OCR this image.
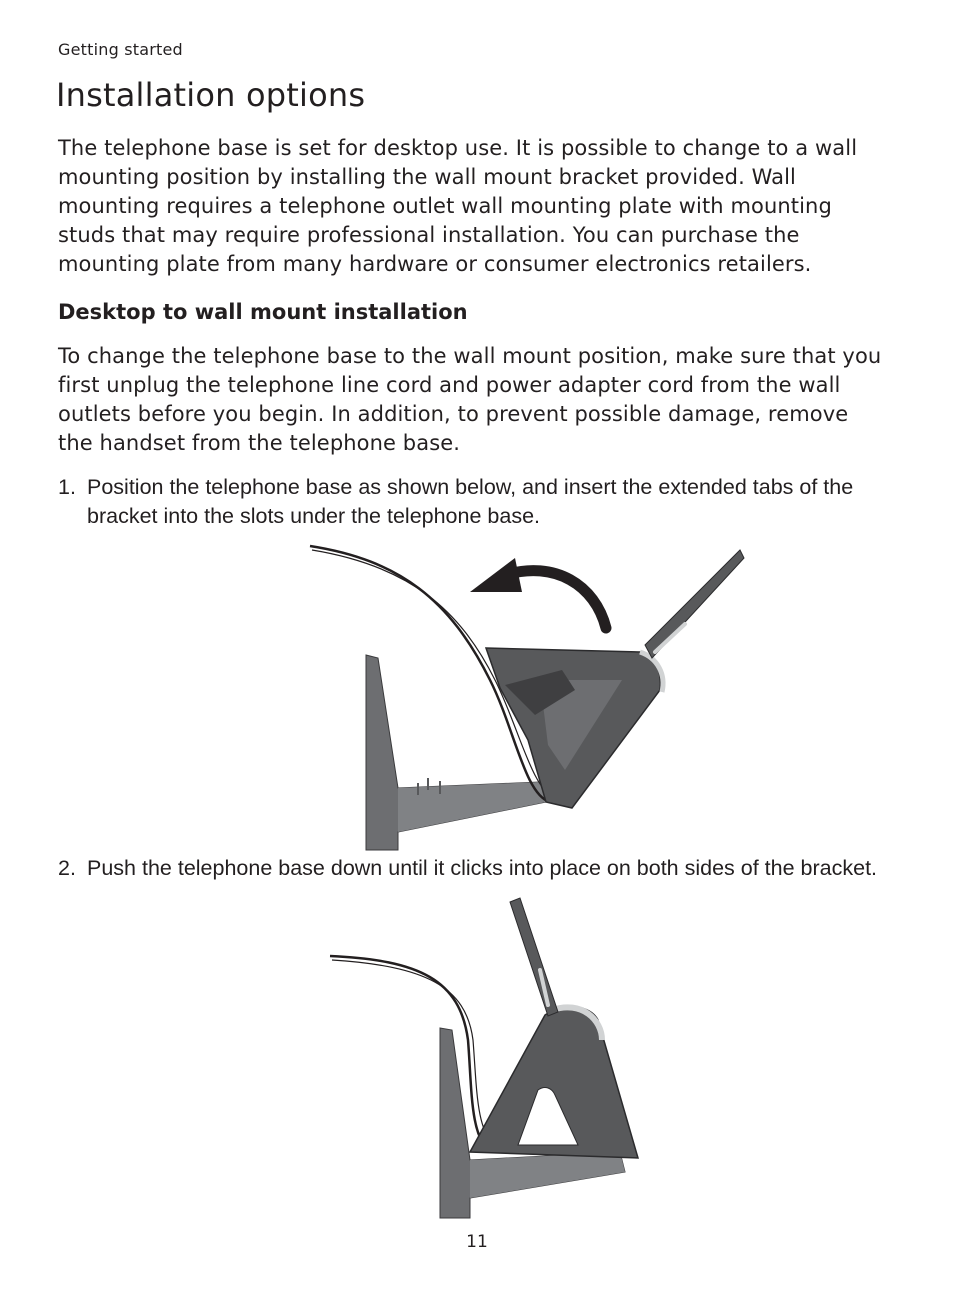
Getting started
Installation options

The telephone base is set for desktop use. It is possible to change to a wall mounting position by installing the wall mount bracket provided. Wall mounting requires a telephone outlet wall mounting plate with mounting studs that may require professional installation. You can purchase the mounting plate from many hardware or consumer electronics retailers.

Desktop to wall mount installation

To change the telephone base to the wall mount position, make sure that you first unplug the telephone line cord and power adapter cord from the wall outlets before you begin. In addition, to prevent possible damage, remove the handset from the telephone base.

1. Position the telephone base as shown below, and insert the extended tabs of the bracket into the slots under the telephone base.
2. Push the telephone base down until it clicks into place on both sides of the bracket.
11
